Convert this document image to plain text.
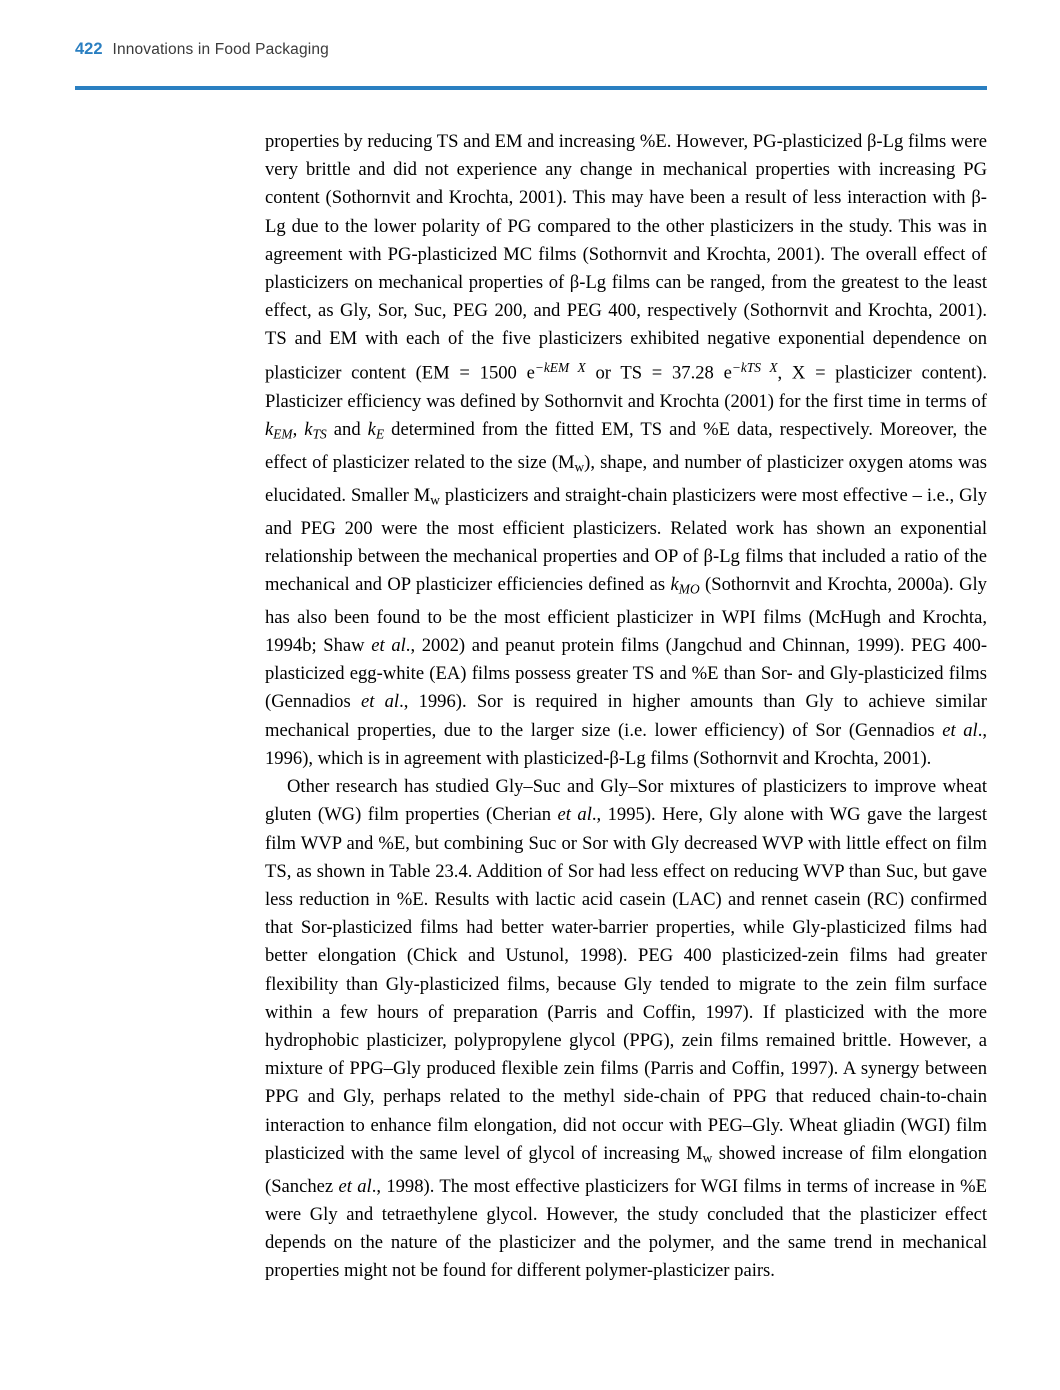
422 Innovations in Food Packaging

properties by reducing TS and EM and increasing %E. However, PG-plasticized β-Lg films were very brittle and did not experience any change in mechanical properties with increasing PG content (Sothornvit and Krochta, 2001). This may have been a result of less interaction with β-Lg due to the lower polarity of PG compared to the other plasticizers in the study. This was in agreement with PG-plasticized MC films (Sothornvit and Krochta, 2001). The overall effect of plasticizers on mechanical properties of β-Lg films can be ranged, from the greatest to the least effect, as Gly, Sor, Suc, PEG 200, and PEG 400, respectively (Sothornvit and Krochta, 2001). TS and EM with each of the five plasticizers exhibited negative exponential dependence on plasticizer content (EM = 1500 $e^{-kEM X}$ or TS = 37.28 $e^{-kTS X}$, X = plasticizer content). Plasticizer efficiency was defined by Sothornvit and Krochta (2001) for the first time in terms of $k_{EM}$, $k_{TS}$ and $k_E$ determined from the fitted EM, TS and %E data, respectively. Moreover, the effect of plasticizer related to the size $(M_w)$, shape, and number of plasticizer oxygen atoms was elucidated. Smaller $M_w$ plasticizers and straight-chain plasticizers were most effective – i.e., Gly and PEG 200 were the most efficient plasticizers. Related work has shown an exponential relationship between the mechanical properties and OP of β-Lg films that included a ratio of the mechanical and OP plasticizer efficiencies defined as $k_{MO}$ (Sothornvit and Krochta, 2000a). Gly has also been found to be the most efficient plasticizer in WPI films (McHugh and Krochta, 1994b; Shaw et al., 2002) and peanut protein films (Jangchud and Chinnan, 1999). PEG 400-plasticized egg-white (EA) films possess greater TS and %E than Sor- and Gly-plasticized films (Gennadios et al., 1996). Sor is required in higher amounts than Gly to achieve similar mechanical properties, due to the larger size (i.e. lower efficiency) of Sor (Gennadios et al., 1996), which is in agreement with plasticized-β-Lg films (Sothornvit and Krochta, 2001).

Other research has studied Gly–Suc and Gly–Sor mixtures of plasticizers to improve wheat gluten (WG) film properties (Cherian et al., 1995). Here, Gly alone with WG gave the largest film WVP and %E, but combining Suc or Sor with Gly decreased WVP with little effect on film TS, as shown in Table 23.4. Addition of Sor had less effect on reducing WVP than Suc, but gave less reduction in %E. Results with lactic acid casein (LAC) and rennet casein (RC) confirmed that Sor-plasticized films had better water-barrier properties, while Gly-plasticized films had better elongation (Chick and Ustunol, 1998). PEG 400 plasticized-zein films had greater flexibility than Gly-plasticized films, because Gly tended to migrate to the zein film surface within a few hours of preparation (Parris and Coffin, 1997). If plasticized with the more hydrophobic plasticizer, polypropylene glycol (PPG), zein films remained brittle. However, a mixture of PPG–Gly produced flexible zein films (Parris and Coffin, 1997). A synergy between PPG and Gly, perhaps related to the methyl side-chain of PPG that reduced chain-to-chain interaction to enhance film elongation, did not occur with PEG–Gly. Wheat gliadin (WGI) film plasticized with the same level of glycol of increasing $M_w$ showed increase of film elongation (Sanchez et al., 1998). The most effective plasticizers for WGI films in terms of increase in %E were Gly and tetraethylene glycol. However, the study concluded that the plasticizer effect depends on the nature of the plasticizer and the polymer, and the same trend in mechanical properties might not be found for different polymer-plasticizer pairs.
